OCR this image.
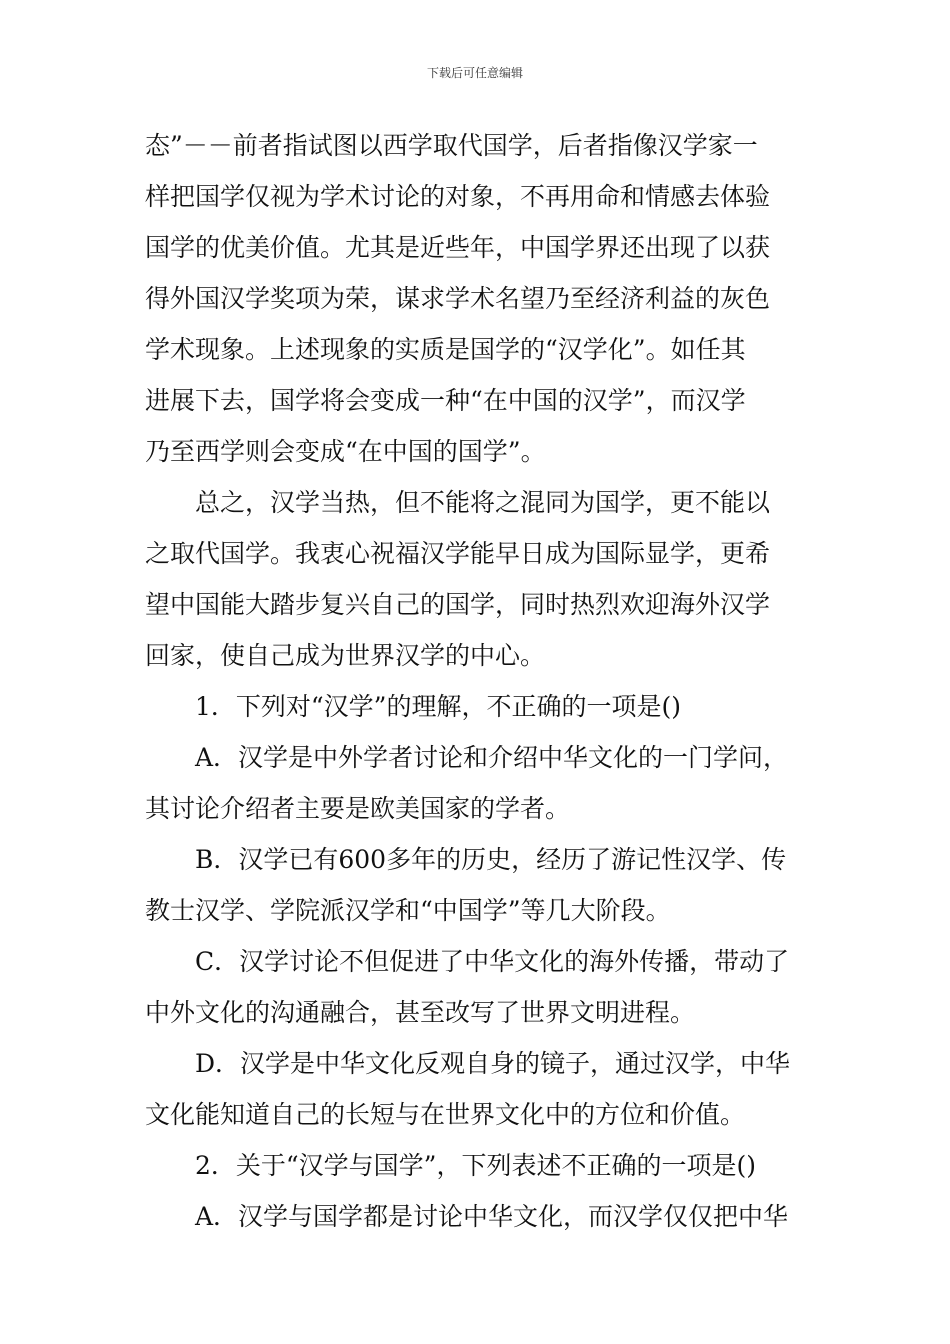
下载后可任意编辑
态”－－前者指试图以西学取代国学，后者指像汉学家一
样把国学仅视为学术讨论的对象，不再用命和情感去体验
国学的优美价值。尤其是近些年，中国学界还出现了以获
得外国汉学奖项为荣，谋求学术名望乃至经济利益的灰色
学术现象。上述现象的实质是国学的“汉学化”。如任其
进展下去，国学将会变成一种“在中国的汉学”，而汉学
乃至西学则会变成“在中国的国学”。
总之，汉学当热，但不能将之混同为国学，更不能以
之取代国学。我衷心祝福汉学能早日成为国际显学，更希
望中国能大踏步复兴自己的国学，同时热烈欢迎海外汉学
回家，使自己成为世界汉学的中心。
1．下列对“汉学”的理解，不正确的一项是()
A．汉学是中外学者讨论和介绍中华文化的一门学问，
其讨论介绍者主要是欧美国家的学者。
B．汉学已有600多年的历史，经历了游记性汉学、传
教士汉学、学院派汉学和“中国学”等几大阶段。
C．汉学讨论不但促进了中华文化的海外传播，带动了
中外文化的沟通融合，甚至改写了世界文明进程。
D．汉学是中华文化反观自身的镜子，通过汉学，中华
文化能知道自己的长短与在世界文化中的方位和价值。
2．关于“汉学与国学”，下列表述不正确的一项是()
A．汉学与国学都是讨论中华文化，而汉学仅仅把中华
